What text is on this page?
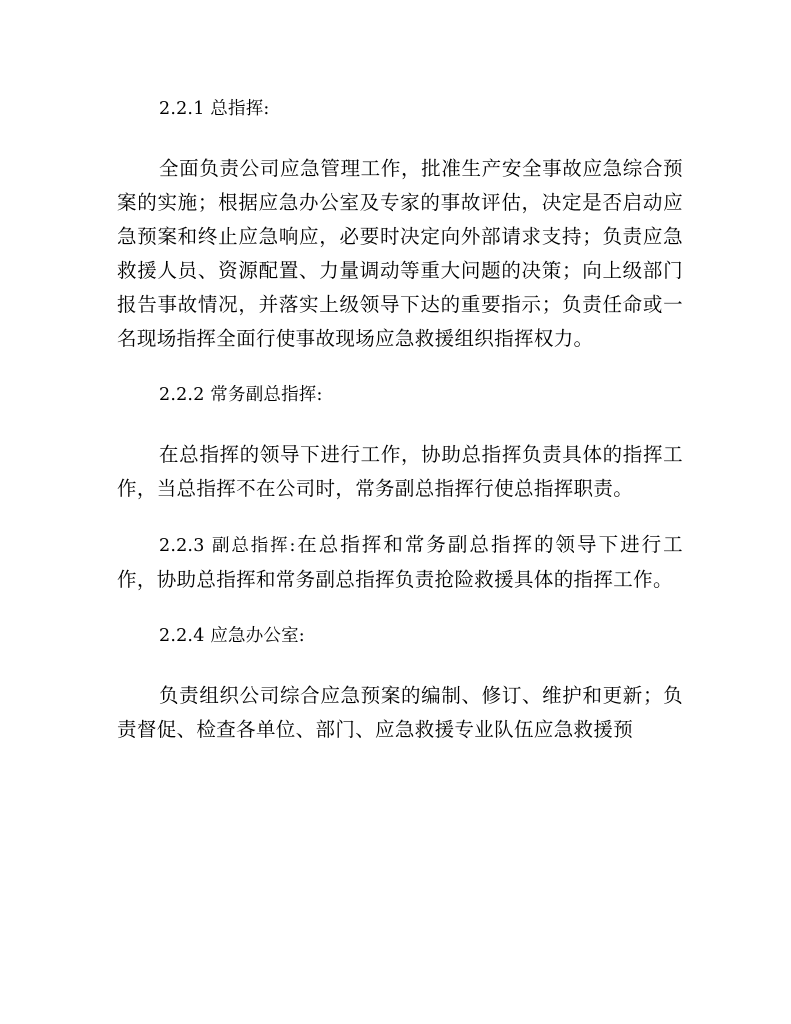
2.2.1 总指挥:

全面负责公司应急管理工作，批准生产安全事故应急综合预案的实施；根据应急办公室及专家的事故评估，决定是否启动应急预案和终止应急响应，必要时决定向外部请求支持；负责应急救援人员、资源配置、力量调动等重大问题的决策；向上级部门报告事故情况，并落实上级领导下达的重要指示；负责任命或一名现场指挥全面行使事故现场应急救援组织指挥权力。

2.2.2 常务副总指挥:

在总指挥的领导下进行工作，协助总指挥负责具体的指挥工作，当总指挥不在公司时，常务副总指挥行使总指挥职责。

2.2.3 副总指挥:在总指挥和常务副总指挥的领导下进行工作，协助总指挥和常务副总指挥负责抢险救援具体的指挥工作。

2.2.4 应急办公室:

负责组织公司综合应急预案的编制、修订、维护和更新；负责督促、检查各单位、部门、应急救援专业队伍应急救援预
